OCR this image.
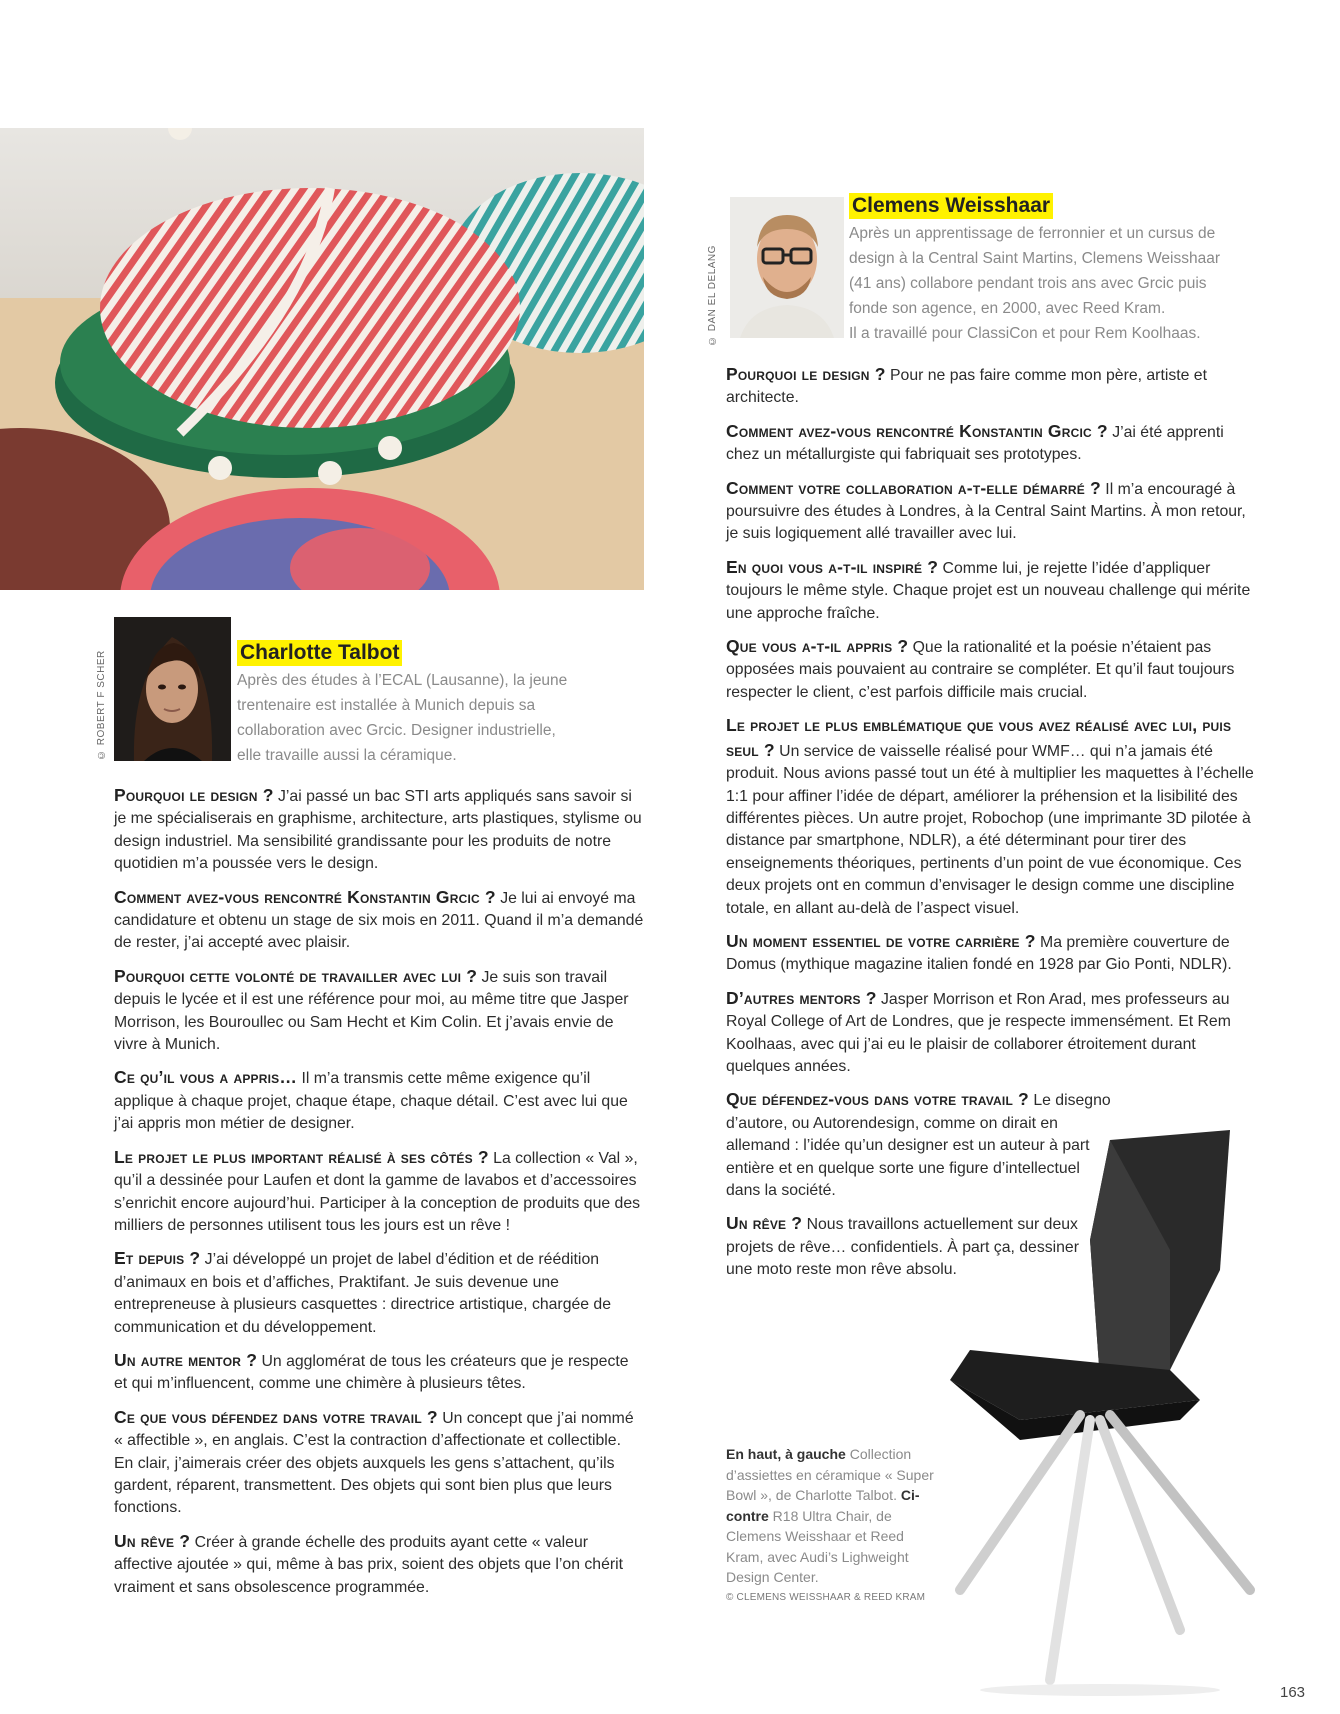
© DAN EL DELANG
Clemens Weisshaar
Après un apprentissage de ferronnier et un cursus de
design à la Central Saint Martins, Clemens Weisshaar
(41 ans) collabore pendant trois ans avec Grcic puis
fonde son agence, en 2000, avec Reed Kram.
Il a travaillé pour ClassiCon et pour Rem Koolhaas.

Pourquoi le design ? Pour ne pas faire comme mon père, artiste et architecte.

Comment avez-vous rencontré Konstantin Grcic ? J’ai été apprenti chez un métallurgiste qui fabriquait ses prototypes.

Comment votre collaboration a-t-elle démarré ? Il m’a encouragé à poursuivre des études à Londres, à la Central Saint Martins. À mon retour, je suis logiquement allé travailler avec lui.

En quoi vous a-t-il inspiré ? Comme lui, je rejette l’idée d’appliquer toujours le même style. Chaque projet est un nouveau challenge qui mérite une approche fraîche.

Que vous a-t-il appris ? Que la rationalité et la poésie n’étaient pas opposées mais pouvaient au contraire se compléter. Et qu’il faut toujours respecter le client, c’est parfois difficile mais crucial.

Le projet le plus emblématique que vous avez réalisé avec lui, puis seul ? Un service de vaisselle réalisé pour WMF… qui n’a jamais été produit. Nous avions passé tout un été à multiplier les maquettes à l’échelle 1:1 pour affiner l’idée de départ, améliorer la préhension et la lisibilité des différentes pièces. Un autre projet, Robochop (une imprimante 3D pilotée à distance par smartphone, NDLR), a été déterminant pour tirer des enseignements théoriques, pertinents d’un point de vue économique. Ces deux projets ont en commun d’envisager le design comme une discipline totale, en allant au-delà de l’aspect visuel.

Un moment essentiel de votre carrière ? Ma première couverture de Domus (mythique magazine italien fondé en 1928 par Gio Ponti, NDLR).

D’autres mentors ? Jasper Morrison et Ron Arad, mes professeurs au Royal College of Art de Londres, que je respecte immensément. Et Rem Koolhaas, avec qui j’ai eu le plaisir de collaborer étroitement durant quelques années.

Que défendez-vous dans votre travail ? Le disegno d’autore, ou Autorendesign, comme on dirait en allemand : l’idée qu’un designer est un auteur à part entière et en quelque sorte une figure d’intellectuel dans la société.

Un rêve ? Nous travaillons actuellement sur deux projets de rêve… confidentiels. À part ça, dessiner une moto reste mon rêve absolu.

© ROBERT F SCHER	Charlotte Talbot
Après des études à l’ECAL (Lausanne), la jeune
trentenaire est installée à Munich depuis sa
collaboration avec Grcic. Designer industrielle,
elle travaille aussi la céramique.

Pourquoi le design ? J’ai passé un bac STI arts appliqués sans savoir si je me spécialiserais en graphisme, architecture, arts plastiques, stylisme ou design industriel. Ma sensibilité grandissante pour les produits de notre quotidien m’a poussée vers le design.

Comment avez-vous rencontré Konstantin Grcic ? Je lui ai envoyé ma candidature et obtenu un stage de six mois en 2011. Quand il m’a demandé de rester, j’ai accepté avec plaisir.

Pourquoi cette volonté de travailler avec lui ? Je suis son travail depuis le lycée et il est une référence pour moi, au même titre que Jasper Morrison, les Bouroullec ou Sam Hecht et Kim Colin. Et j’avais envie de vivre à Munich.

Ce qu’il vous a appris… Il m’a transmis cette même exigence qu’il applique à chaque projet, chaque étape, chaque détail. C’est avec lui que j’ai appris mon métier de designer.

Le projet le plus important réalisé à ses côtés ? La collection « Val », qu’il a dessinée pour Laufen et dont la gamme de lavabos et d’accessoires s’enrichit encore aujourd’hui. Participer à la conception de produits que des milliers de personnes utilisent tous les jours est un rêve !

Et depuis ? J’ai développé un projet de label d’édition et de réédition d’animaux en bois et d’affiches, Praktifant. Je suis devenue une entrepreneuse à plusieurs casquettes : directrice artistique, chargée de communication et du développement.

Un autre mentor ? Un agglomérat de tous les créateurs que je respecte et qui m’influencent, comme une chimère à plusieurs têtes.

Ce que vous défendez dans votre travail ? Un concept que j’ai nommé « affectible », en anglais. C’est la contraction d’affectionate et collectible. En clair, j’aimerais créer des objets auxquels les gens s’attachent, qu’ils gardent, réparent, transmettent. Des objets qui sont bien plus que leurs fonctions.

Un rêve ? Créer à grande échelle des produits ayant cette « valeur affective ajoutée » qui, même à bas prix, soient des objets que l’on chérit vraiment et sans obsolescence programmée.

En haut, à gauche Collection d’assiettes en céramique « Super Bowl », de Charlotte Talbot. Ci-contre R18 Ultra Chair, de Clemens Weisshaar et Reed Kram, avec Audi’s Lighweight Design Center.
© CLEMENS WEISSHAAR & REED KRAM
163
